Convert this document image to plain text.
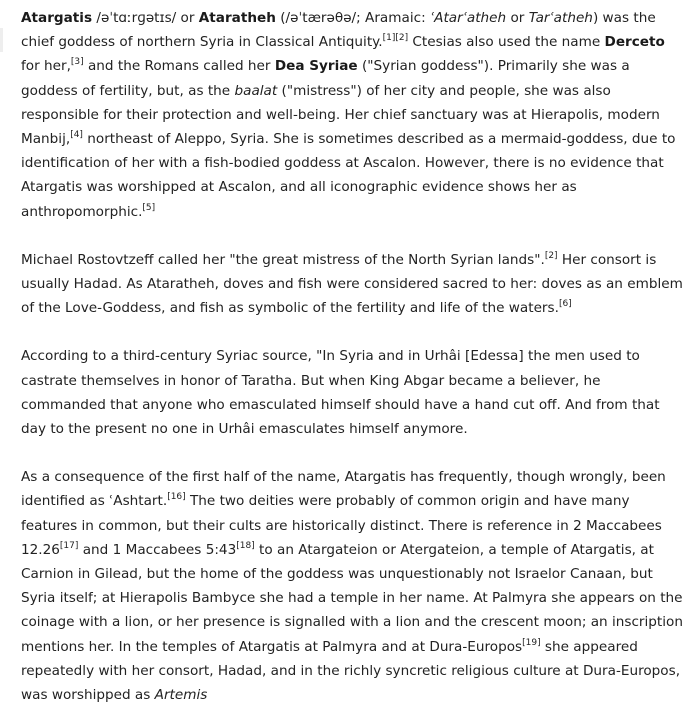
Atargatis /əˈtɑːrɡətɪs/ or Ataratheh (/əˈtærəθə/; Aramaic: ʿAtarʿatheh or Tarʿatheh) was the chief goddess of northern Syria in Classical Antiquity.[1][2] Ctesias also used the name Derceto for her,[3] and the Romans called her Dea Syriae ("Syrian goddess"). Primarily she was a goddess of fertility, but, as the baalat ("mistress") of her city and people, she was also responsible for their protection and well-being. Her chief sanctuary was at Hierapolis, modern Manbij,[4] northeast of Aleppo, Syria. She is sometimes described as a mermaid-goddess, due to identification of her with a fish-bodied goddess at Ascalon. However, there is no evidence that Atargatis was worshipped at Ascalon, and all iconographic evidence shows her as anthropomorphic.[5]

Michael Rostovtzeff called her "the great mistress of the North Syrian lands".[2] Her consort is usually Hadad. As Ataratheh, doves and fish were considered sacred to her: doves as an emblem of the Love-Goddess, and fish as symbolic of the fertility and life of the waters.[6]

According to a third-century Syriac source, "In Syria and in Urhâi [Edessa] the men used to castrate themselves in honor of Taratha. But when King Abgar became a believer, he commanded that anyone who emasculated himself should have a hand cut off. And from that day to the present no one in Urhâi emasculates himself anymore.

As a consequence of the first half of the name, Atargatis has frequently, though wrongly, been identified as ʿAshtart.[16] The two deities were probably of common origin and have many features in common, but their cults are historically distinct. There is reference in 2 Maccabees 12.26[17] and 1 Maccabees 5:43[18] to an Atargateion or Atergateion, a temple of Atargatis, at Carnion in Gilead, but the home of the goddess was unquestionably not Israelor Canaan, but Syria itself; at Hierapolis Bambyce she had a temple in her name. At Palmyra she appears on the coinage with a lion, or her presence is signalled with a lion and the crescent moon; an inscription mentions her. In the temples of Atargatis at Palmyra and at Dura-Europos[19] she appeared repeatedly with her consort, Hadad, and in the richly syncretic religious culture at Dura-Europos, was worshipped as Artemis
